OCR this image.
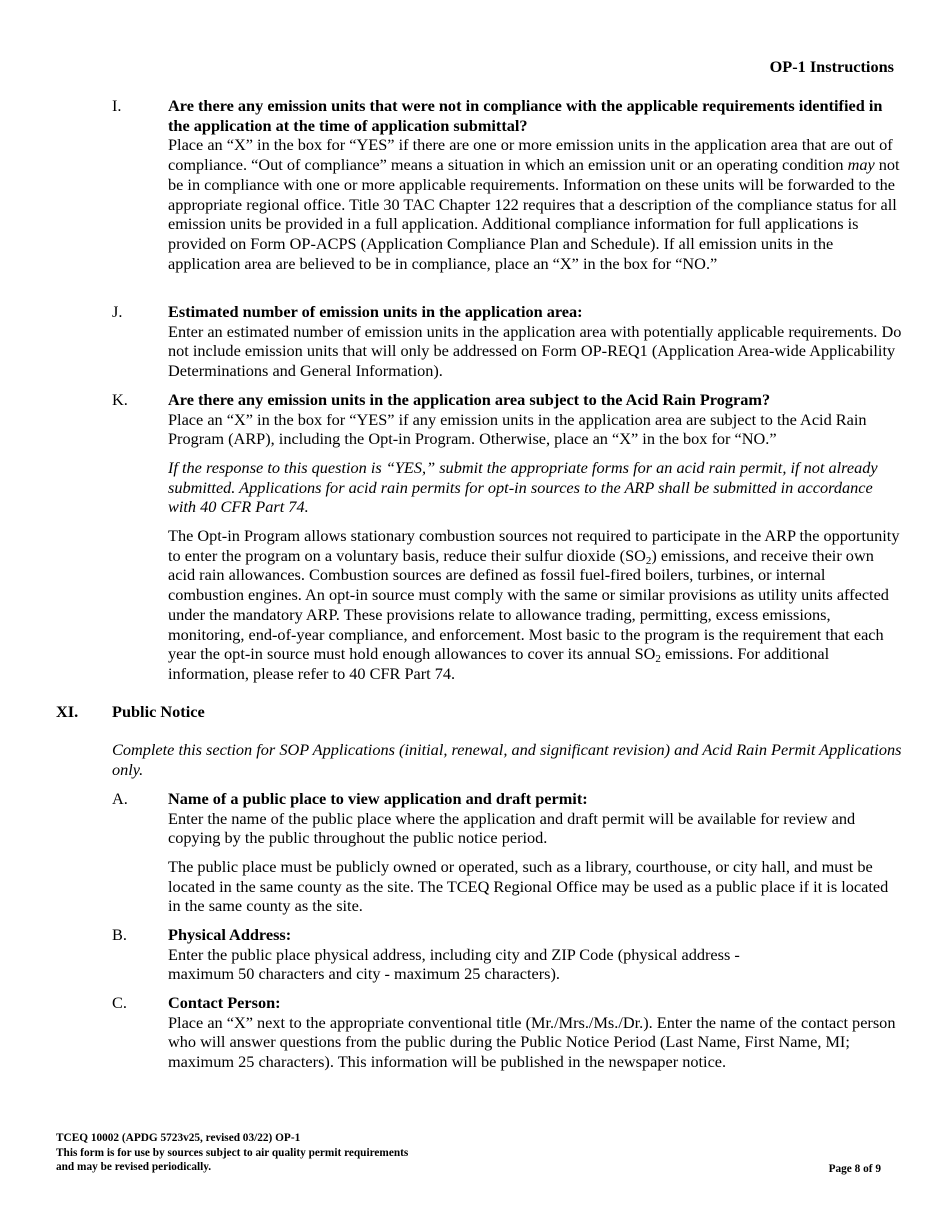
OP-1 Instructions
I.	Are there any emission units that were not in compliance with the applicable requirements identified in the application at the time of application submittal?

Place an “X” in the box for “YES” if there are one or more emission units in the application area that are out of compliance. “Out of compliance” means a situation in which an emission unit or an operating condition may not be in compliance with one or more applicable requirements. Information on these units will be forwarded to the appropriate regional office. Title 30 TAC Chapter 122 requires that a description of the compliance status for all emission units be provided in a full application. Additional compliance information for full applications is provided on Form OP-ACPS (Application Compliance Plan and Schedule). If all emission units in the application area are believed to be in compliance, place an “X” in the box for “NO.”

J.	Estimated number of emission units in the application area:

Enter an estimated number of emission units in the application area with potentially applicable requirements. Do not include emission units that will only be addressed on Form OP-REQ1 (Application Area-wide Applicability Determinations and General Information).

K. Are there any emission units in the application area subject to the Acid Rain Program?

Place an “X” in the box for “YES” if any emission units in the application area are subject to the Acid Rain Program (ARP), including the Opt-in Program. Otherwise, place an “X” in the box for “NO.”

If the response to this question is “YES,” submit the appropriate forms for an acid rain permit, if not already submitted. Applications for acid rain permits for opt-in sources to the ARP shall be submitted in accordance with 40 CFR Part 74.

The Opt-in Program allows stationary combustion sources not required to participate in the ARP the opportunity to enter the program on a voluntary basis, reduce their sulfur dioxide $(SO_2)$ emissions, and receive their own acid rain allowances. Combustion sources are defined as fossil fuel-fired boilers, turbines, or internal combustion engines. An opt-in source must comply with the same or similar provisions as utility units affected under the mandatory ARP. These provisions relate to allowance trading, permitting, excess emissions, monitoring, end-of-year compliance, and enforcement. Most basic to the program is the requirement that each year the opt-in source must hold enough allowances to cover its annual $SO_2$ emissions. For additional information, please refer to 40 CFR Part 74.

XI. Public Notice

Complete this section for SOP Applications (initial, renewal, and significant revision) and Acid Rain Permit Applications only.

A. Name of a public place to view application and draft permit:

Enter the name of the public place where the application and draft permit will be available for review and copying by the public throughout the public notice period.

The public place must be publicly owned or operated, such as a library, courthouse, or city hall, and must be located in the same county as the site. The TCEQ Regional Office may be used as a public place if it is located in the same county as the site.

B.	Physical Address:
Enter the public place physical address, including city and ZIP Code (physical address -
maximum 50 characters and city - maximum 25 characters).
C.	Contact Person:

Place an “X” next to the appropriate conventional title (Mr./Mrs./Ms./Dr.). Enter the name of the contact person who will answer questions from the public during the Public Notice Period (Last Name, First Name, MI; maximum 25 characters). This information will be published in the newspaper notice.

TCEQ 10002 (APDG 5723v25, revised 03/22) OP-1
This form is for use by sources subject to air quality permit requirements
and may be revised periodically.	Page 8 of 9
